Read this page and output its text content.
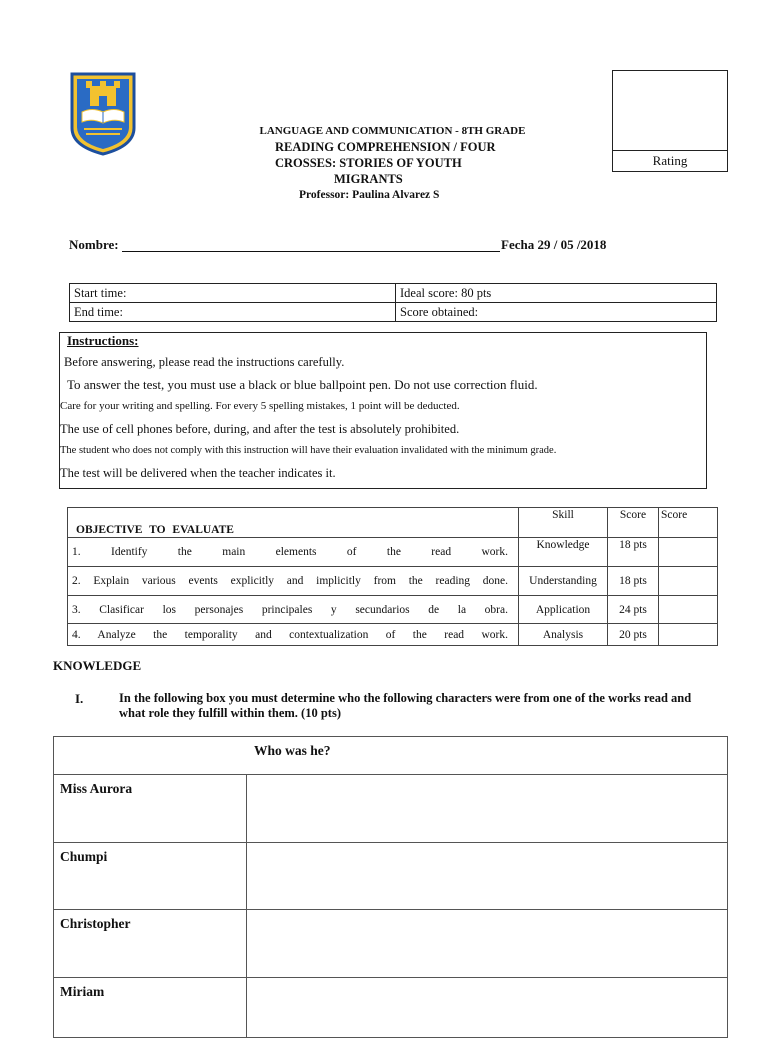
Rating
LANGUAGE AND COMMUNICATION - 8TH GRADE
READING COMPREHENSION / FOUR
CROSSES: STORIES OF YOUTH
MIGRANTS
Professor: Paulina Alvarez S
Nombre:	Fecha 29 / 05 /2018
Start time:	Ideal score: 80 pts
End time:	Score obtained:
Instructions:
Before answering, please read the instructions carefully.
To answer the test, you must use a black or blue ballpoint pen. Do not use correction fluid.
Care for your writing and spelling. For every 5 spelling mistakes, 1 point will be deducted.
The use of cell phones before, during, and after the test is absolutely prohibited.
The student who does not comply with this instruction will have their evaluation invalidated with the minimum grade.
The test will be delivered when the teacher indicates it.
OBJECTIVE TO EVALUATE	Skill	Score	Score
1. Identify the main elements of the read work.	Knowledge	18 pts	
2. Explain various events explicitly and implicitly from the reading done.	Understanding	18 pts	
3. Clasificar los personajes principales y secundarios de la obra.	Application	24 pts	
4. Analyze the temporality and contextualization of the read work.	Analysis	20 pts	
KNOWLEDGE
I.	In the following box you must determine who the following characters were from one of the works read and
what role they fulfill within them. (10 pts)
Who was he?	
Miss Aurora	
Chumpi	
Christopher	
Miriam	
